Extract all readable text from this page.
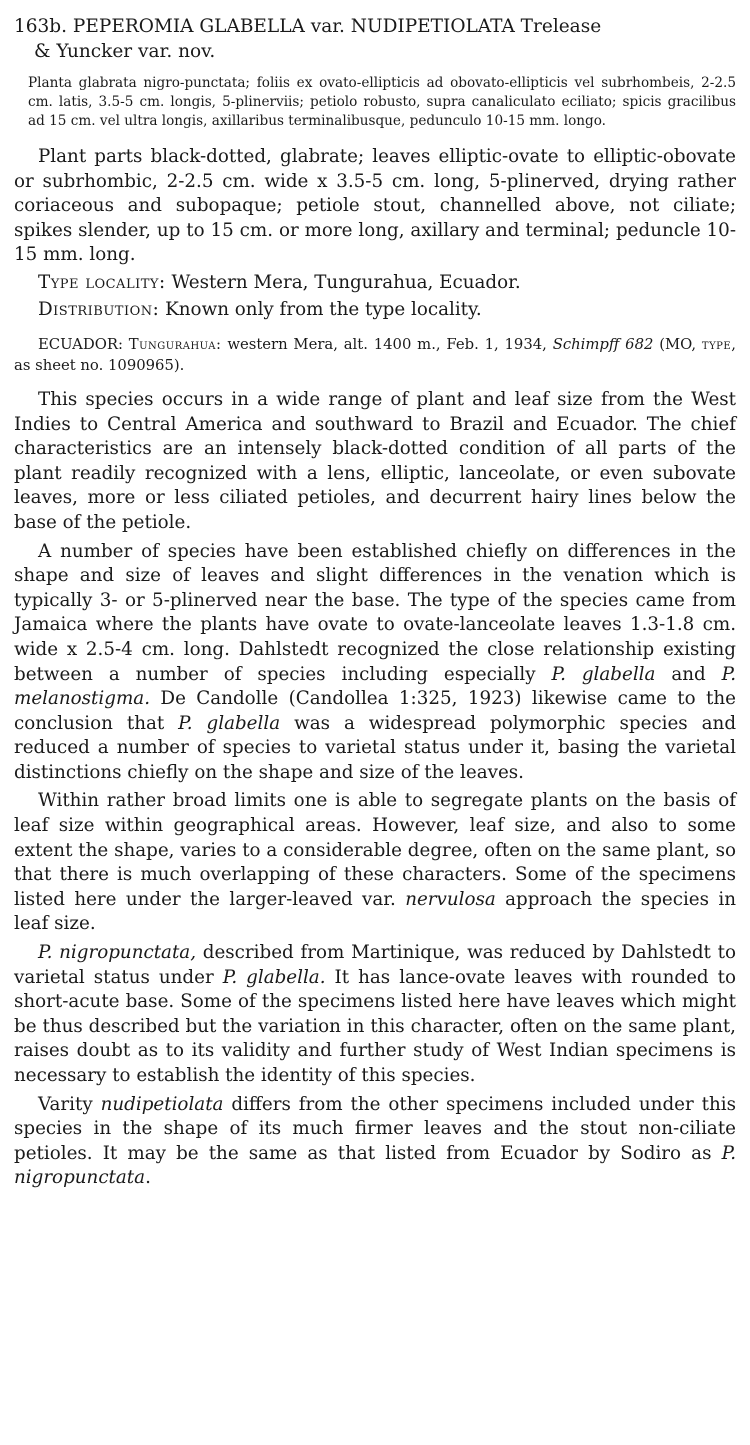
163b. PEPEROMIA GLABELLA var. NUDIPETIOLATA Trelease
& Yuncker var. nov.

Planta glabrata nigro-punctata; foliis ex ovato-ellipticis ad obovato-ellipticis vel subrhombeis, 2-2.5 cm. latis, 3.5-5 cm. longis, 5-plinerviis; petiolo robusto, supra canaliculato eciliato; spicis gracilibus ad 15 cm. vel ultra longis, axillaribus terminalibusque, pedunculo 10-15 mm. longo.

Plant parts black-dotted, glabrate; leaves elliptic-ovate to elliptic-obovate or subrhombic, 2-2.5 cm. wide x 3.5-5 cm. long, 5-plinerved, drying rather coriaceous and subopaque; petiole stout, channelled above, not ciliate; spikes slender, up to 15 cm. or more long, axillary and terminal; peduncle 10-15 mm. long.

Type locality: Western Mera, Tungurahua, Ecuador.

Distribution: Known only from the type locality.

ECUADOR: Tungurahua: western Mera, alt. 1400 m., Feb. 1, 1934, Schimpff 682 (MO, type, as sheet no. 1090965).

This species occurs in a wide range of plant and leaf size from the West Indies to Central America and southward to Brazil and Ecuador. The chief characteristics are an intensely black-dotted condition of all parts of the plant readily recognized with a lens, elliptic, lanceolate, or even subovate leaves, more or less ciliated petioles, and decurrent hairy lines below the base of the petiole.

A number of species have been established chiefly on differences in the shape and size of leaves and slight differences in the venation which is typically 3- or 5-plinerved near the base. The type of the species came from Jamaica where the plants have ovate to ovate-lanceolate leaves 1.3-1.8 cm. wide x 2.5-4 cm. long. Dahlstedt recognized the close relationship existing between a number of species including especially P. glabella and P. melanostigma. De Candolle (Candollea 1:325, 1923) likewise came to the conclusion that P. glabella was a widespread polymorphic species and reduced a number of species to varietal status under it, basing the varietal distinctions chiefly on the shape and size of the leaves.

Within rather broad limits one is able to segregate plants on the basis of leaf size within geographical areas. However, leaf size, and also to some extent the shape, varies to a considerable degree, often on the same plant, so that there is much overlapping of these characters. Some of the specimens listed here under the larger-leaved var. nervulosa approach the species in leaf size.

P. nigropunctata, described from Martinique, was reduced by Dahlstedt to varietal status under P. glabella. It has lance-ovate leaves with rounded to short-acute base. Some of the specimens listed here have leaves which might be thus described but the variation in this character, often on the same plant, raises doubt as to its validity and further study of West Indian specimens is necessary to establish the identity of this species.

Varity nudipetiolata differs from the other specimens included under this species in the shape of its much firmer leaves and the stout non-ciliate petioles. It may be the same as that listed from Ecuador by Sodiro as P. nigropunctata.
